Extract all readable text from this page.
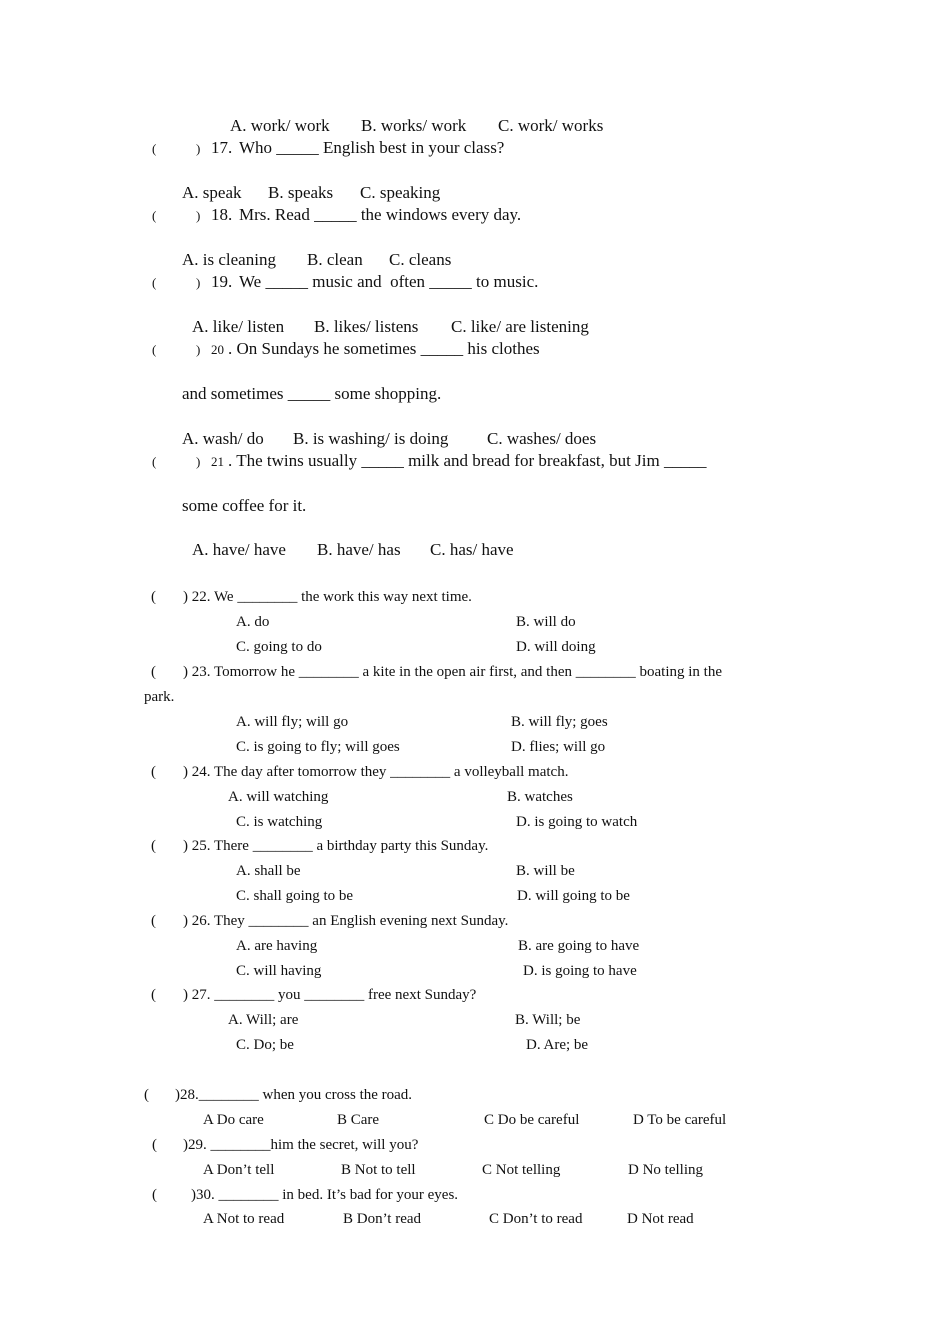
A. work/ work B. works/ work C. work/ works
(	) 17. Who _____ English best in your class?
A. speak B. speaks C. speaking
(	) 18. Mrs. Read _____ the windows every day.
A. is cleaning B. clean C. cleans
(	) 19. We _____ music and  often _____ to music.
A. like/ listen B. likes/ listens C. like/ are listening
(	) 20 . On Sundays he sometimes _____ his clothes
and sometimes _____ some shopping.
A. wash/ do B. is washing/ is doing C. washes/ does
(	) 21 . The twins usually _____ milk and bread for breakfast, but Jim _____
some coffee for it.
A. have/ have B. have/ has C. has/ have
( ) 22. We ________ the work this way next time.
A. do	B. will do
C. going to do	D. will doing
( ) 23. Tomorrow he ________ a kite in the open air first, and then ________ boating in the
park.
A. will fly; will go	B. will fly; goes
C. is going to fly; will goes	D. flies; will go
( ) 24. The day after tomorrow they ________ a volleyball match.
A. will watching	B. watches
C. is watching	D. is going to watch
( ) 25. There ________ a birthday party this Sunday.
A. shall be	B. will be
C. shall going to be	D. will going to be
( ) 26. They ________ an English evening next Sunday.
A. are having	B. are going to have
C. will having	D. is going to have
( ) 27. ________ you ________ free next Sunday?
A. Will; are	B. Will; be
C. Do; be	D. Are; be
( )28.________ when you cross the road.
A Do care	B Care	C Do be careful	D To be careful
( )29. ________him the secret, will you?
A Don’t tell	B Not to tell	C Not telling	D No telling
( )30. ________ in bed. It’s bad for your eyes.
A Not to read	B Don’t read	C Don’t to read	D Not read
